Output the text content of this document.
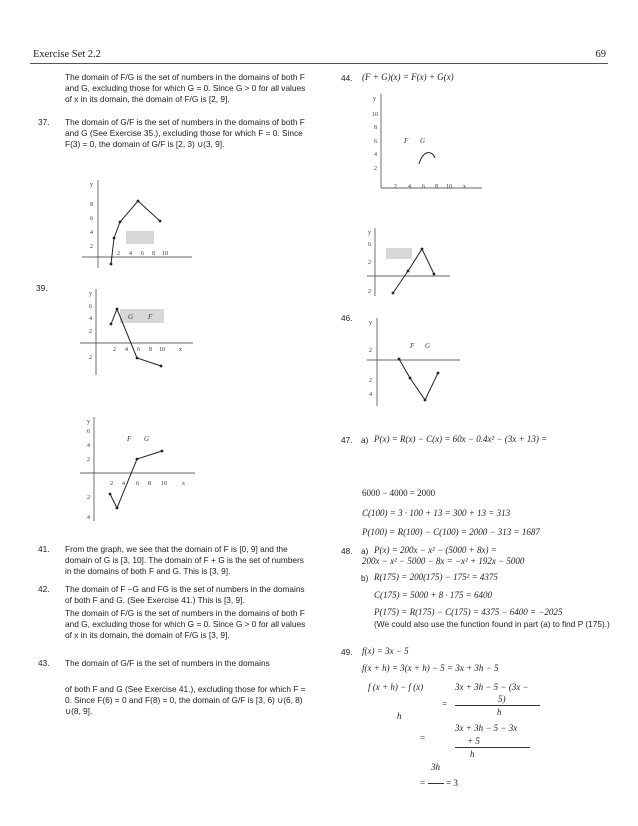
Exercise Set 2.2	69
The domain of F/G is the set of numbers in the domains of both F and G, excluding those for which G = 0. Since G > 0 for all values of x in its domain, the domain of F/G is [2, 9].
37. The domain of G/F is the set of numbers in the domains of both F and G (See Exercise 35.), excluding those for which F = 0. Since F(3) = 0, the domain of G/F is [2, 3) ∪(3, 9].
y
8
6
4
2
2 4 6 8 10
39.
y
6
4
2
2
2 4 6 8 10 x
G F
y
6
4
2
2
4
2 4 6 8 10	x
F G
41. From the graph, we see that the domain of F is [0, 9] and the domain of G is [3, 10]. The domain of F + G is the set of numbers in the domains of both F and G. This is [3, 9].
42. The domain of F −G and FG is the set of numbers in the domains of both F and G. (See Exercise 41.) This is [3, 9].
The domain of F/G is the set of numbers in the domains of both F and G, excluding those for which G = 0. Since G > 0 for all values of x in its domain, the domain of F/G is [3, 9].
43. The domain of G/F is the set of numbers in the domains
of both F and G (See Exercise 41.), excluding those for which F = 0. Since F(6) = 0 and F(8) = 0, the domain of G/F is [3, 6) ∪(6, 8) ∪(8, 9].
44. (F + G)(x) = F(x) + G(x)
y
10
8
6
4
2
2 4 6 8 10 x
F G
y
6
2
2
46.	y
2
2
4
F G
47. a) P(x) = R(x) − C(x) = 60x − 0.4x² − (3x + 13) =
6000 − 4000 = 2000
C(100) = 3 · 100 + 13 = 300 + 13 = 313
P(100) = R(100) − C(100) = 2000 − 313 = 1687
48. a) P(x) = 200x − x² − (5000 + 8x) =
200x − x² − 5000 − 8x = −x² + 192x − 5000
b) R(175) = 200(175) − 175² = 4375
C(175) = 5000 + 8 · 175 = 6400
P(175) = R(175) − C(175) = 4375 − 6400 = −2025
(We could also use the function found in part (a) to find P (175).)
49. f(x) = 3x − 5
f(x + h) = 3(x + h) − 5 = 3x + 3h − 5
f (x + h) − f (x)	3x + 3h − 5 − (3x −
5)
=
h
h
3x + 3h − 5 − 3x
+ 5
=
h
3h
= = 3
